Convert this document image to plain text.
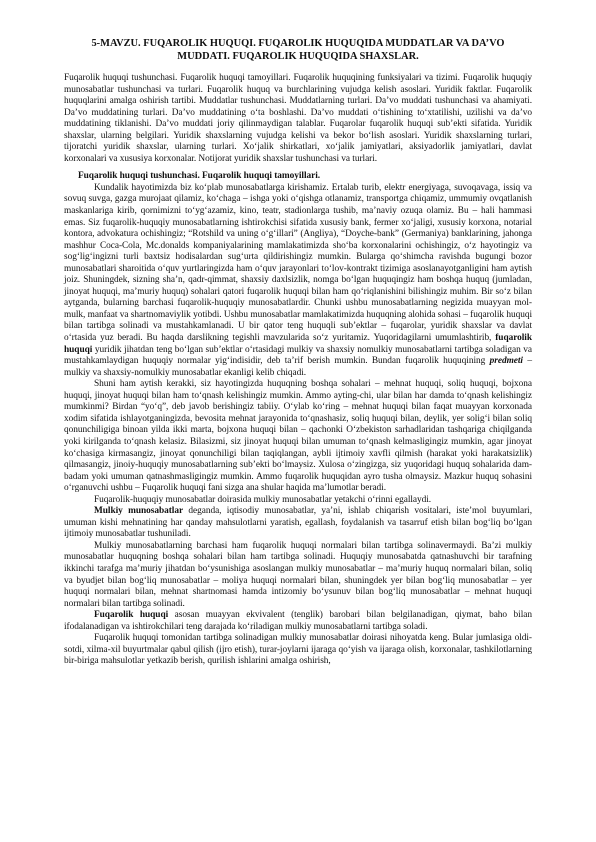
5-MAVZU. FUQAROLIK HUQUQI. FUQAROLIK HUQUQIDA MUDDATLAR VA DA’VO MUDDATI. FUQAROLIK HUQUQIDA SHAXSLAR.

Fuqarolik huquqi tushunchasi. Fuqarolik huquqi tamoyillari. Fuqarolik huquqining funksiyalari va tizimi. Fuqarolik huquqiy munosabatlar tushunchasi va turlari. Fuqarolik huquq va burchlarining vujudga kelish asoslari. Yuridik faktlar. Fuqarolik huquqlarini amalga oshirish tartibi. Muddatlar tushunchasi. Muddatlarning turlari. Da’vo muddati tushunchasi va ahamiyati. Da’vo muddatining turlari. Da’vo muddatining o‘ta boshlashi. Da’vo muddati o‘tishining to‘xtatilishi, uzilishi va da’vo muddatining tiklanishi. Da’vo muddati joriy qilinmaydigan talablar. Fuqarolar fuqarolik huquqi sub’ekti sifatida. Yuridik shaxslar, ularning belgilari. Yuridik shaxslarning vujudga kelishi va bekor bo‘lish asoslari. Yuridik shaxslarning turlari, tijoratchi yuridik shaxslar, ularning turlari. Xo‘jalik shirkatlari, xo‘jalik jamiyatlari, aksiyadorlik jamiyatlari, davlat korxonalari va xususiya korxonalar. Notijorat yuridik shaxslar tushunchasi va turlari.

Fuqarolik huquqi tushunchasi. Fuqarolik huquqi tamoyillari.

Kundalik hayotimizda biz ko‘plab munosabatlarga kirishamiz. Ertalab turib, elektr energiyaga, suvoqavaga, issiq va sovuq suvga, gazga murojaat qilamiz, ko‘chaga – ishga yoki o‘qishga otlanamiz, transportga chiqamiz, ummumiy ovqatlanish maskanlariga kirib, qornimizni to‘yg‘azamiz, kino, teatr, stadionlarga tushib, ma’naviy ozuqa olamiz. Bu – hali hammasi emas. Siz fuqarolik-huquqiy munosabatlarning ishtirokchisi sifatida xususiy bank, fermer xo‘jaligi, xususiy korxona, notarial kontora, advokatura ochishingiz; “Rotshild va uning o‘g‘illari” (Angliya), “Doyche-bank” (Germaniya) banklarining, jahonga mashhur Coca-Cola, Mc.donalds kompaniyalarining mamlakatimizda sho‘ba korxonalarini ochishingiz, o‘z hayotingiz va sog‘lig‘ingizni turli baxtsiz hodisalardan sug‘urta qildirishingiz mumkin. Bularga qo‘shimcha ravishda bugungi bozor munosabatlari sharoitida o‘quv yurtlaringizda ham o‘quv jarayonlari to‘lov-kontrakt tizimiga asoslanayotganligini ham aytish joiz. Shuningdek, sizning sha’n, qadr-qimmat, shaxsiy daxlsizlik, nomga bo‘lgan huquqingiz ham boshqa huquq (jumladan, jinoyat huquqi, ma’muriy huquq) sohalari qatori fuqarolik huquqi bilan ham qo‘riqlanishini bilishingiz muhim. Bir so‘z bilan aytganda, bularning barchasi fuqarolik-huquqiy munosabatlardir. Chunki ushbu munosabatlarning negizida muayyan mol-mulk, manfaat va shartnomaviylik yotibdi. Ushbu munosabatlar mamlakatimizda huquqning alohida sohasi – fuqarolik huquqi bilan tartibga solinadi va mustahkamlanadi. U bir qator teng huquqli sub’ektlar – fuqarolar, yuridik shaxslar va davlat o‘rtasida yuz beradi. Bu haqda darslikning tegishli mavzularida so‘z yuritamiz. Yuqoridagilarni umumlashtirib, fuqarolik huquqi yuridik jihatdan teng bo‘lgan sub’ektlar o‘rtasidagi mulkiy va shaxsiy nomulkiy munosabatlarni tartibga soladigan va mustahkamlaydigan huquqiy normalar yig‘indisidir, deb ta’rif berish mumkin. Bundan fuqarolik huquqining predmeti – mulkiy va shaxsiy-nomulkiy munosabatlar ekanligi kelib chiqadi.

Shuni ham aytish kerakki, siz hayotingizda huquqning boshqa sohalari – mehnat huquqi, soliq huquqi, bojxona huquqi, jinoyat huquqi bilan ham to‘qnash kelishingiz mumkin. Ammo ayting-chi, ular bilan har damda to‘qnash kelishingiz mumkinmi? Birdan “yo‘q”, deb javob berishingiz tabiiy. O‘ylab ko‘ring – mehnat huquqi bilan faqat muayyan korxonada xodim sifatida ishlayotganingizda, bevosita mehnat jarayonida to‘qnashasiz, soliq huquqi bilan, deylik, yer solig‘i bilan soliq qonunchiligiga binoan yilda ikki marta, bojxona huquqi bilan – qachonki O‘zbekiston sarhadlaridan tashqariga chiqilganda yoki kirilganda to‘qnash kelasiz. Bilasizmi, siz jinoyat huquqi bilan umuman to‘qnash kelmasligingiz mumkin, agar jinoyat ko‘chasiga kirmasangiz, jinoyat qonunchiligi bilan taqiqlangan, aybli ijtimoiy xavfli qilmish (harakat yoki harakatsizlik) qilmasangiz, jinoiy-huquqiy munosabatlarning sub’ekti bo‘lmaysiz. Xulosa o‘zingizga, siz yuqoridagi huquq sohalarida dam-badam yoki umuman qatnashmasligingiz mumkin. Ammo fuqarolik huquqidan ayro tusha olmaysiz. Mazkur huquq sohasini o‘rganuvchi ushbu – Fuqarolik huquqi fani sizga ana shular haqida ma’lumotlar beradi.

Fuqarolik-huquqiy munosabatlar doirasida mulkiy munosabatlar yetakchi o‘rinni egallaydi.

Mulkiy munosabatlar deganda, iqtisodiy munosabatlar, ya’ni, ishlab chiqarish vositalari, iste’mol buyumlari, umuman kishi mehnatining har qanday mahsulotlarni yaratish, egallash, foydalanish va tasarruf etish bilan bog‘liq bo‘lgan ijtimoiy munosabatlar tushuniladi.

Mulkiy munosabatlarning barchasi ham fuqarolik huquqi normalari bilan tartibga solinavermaydi. Ba’zi mulkiy munosabatlar huquqning boshqa sohalari bilan ham tartibga solinadi. Huquqiy munosabatda qatnashuvchi bir tarafning ikkinchi tarafga ma’muriy jihatdan bo‘ysunishiga asoslangan mulkiy munosabatlar – ma’muriy huquq normalari bilan, soliq va byudjet bilan bog‘liq munosabatlar – moliya huquqi normalari bilan, shuningdek yer bilan bog‘liq munosabatlar – yer huquqi normalari bilan, mehnat shartnomasi hamda intizomiy bo‘ysunuv bilan bog‘liq munosabatlar – mehnat huquqi normalari bilan tartibga solinadi.

Fuqarolik huquqi asosan muayyan ekvivalent (tenglik) barobari bilan belgilanadigan, qiymat, baho bilan ifodalanadigan va ishtirokchilari teng darajada ko‘riladigan mulkiy munosabatlarni tartibga soladi.

Fuqarolik huquqi tomonidan tartibga solinadigan mulkiy munosabatlar doirasi nihoyatda keng. Bular jumlasiga oldi-sotdi, xilma-xil buyurtmalar qabul qilish (ijro etish), turar-joylarni ijaraga qo‘yish va ijaraga olish, korxonalar, tashkilotlarning bir-biriga mahsulotlar yetkazib berish, qurilish ishlarini amalga oshirish,
